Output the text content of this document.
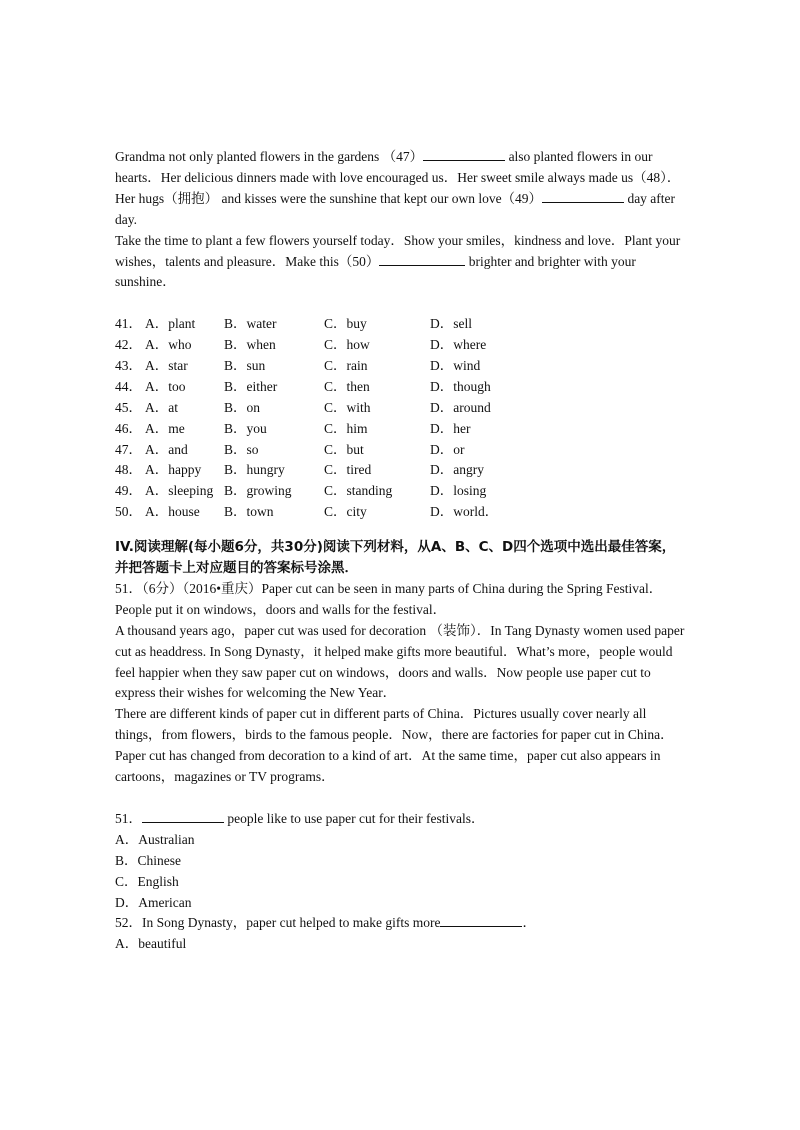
Grandma not only planted flowers in the gardens （47）	also planted flowers in our hearts．Her delicious dinners made with love encouraged us．Her sweet smile always made us（48）．Her hugs（拥抱） and kisses were the sunshine that kept our own love（49）	day after day.

Take the time to plant a few flowers yourself today．Show your smiles，kindness and love．Plant your wishes，talents and pleasure．Make this（50）	brighter and brighter with your sunshine．

41． A．plant	B．water	C．buy	D．sell
42． A．who	B．when	C．how	D．where
43． A．star	B．sun	C．rain	D．wind
44． A．too	B．either	C．then	D．though
45． A．at	B．on	C．with	D．around
46． A．me	B．you	C．him	D．her
47． A．and	B．so	C．but	D．or
48． A．happy	B．hungry	C．tired	D．angry
49． A．sleeping B．growing	C．standing	D．losing
50． A．house	B．town	C．city	D．world．

IV.阅读理解(每小题6分，共30分)阅读下列材料，从A、B、C、D四个选项中选出最佳答案，并把答题卡上对应题目的答案标号涂黑．

51．（6分）（2016•重庆）Paper cut can be seen in many parts of China during the Spring Festival．People put it on windows，doors and walls for the festival．

A thousand years ago，paper cut was used for decoration （装饰）．In Tang Dynasty women used paper cut as headdress. In Song Dynasty，it helped make gifts more beautiful．What’s more，people would feel happier when they saw paper cut on windows，doors and walls．Now people use paper cut to express their wishes for welcoming the New Year．

There are different kinds of paper cut in different parts of China．Pictures usually cover nearly all things，from flowers，birds to the famous people．Now，there are factories for paper cut in China．Paper cut has changed from decoration to a kind of art．At the same time，paper cut also appears in cartoons，magazines or TV programs．

51．	people like to use paper cut for their festivals．

A．Australian

B．Chinese

C．English

D．American

52．In Song Dynasty，paper cut helped to make gifts more	．

A．beautiful
